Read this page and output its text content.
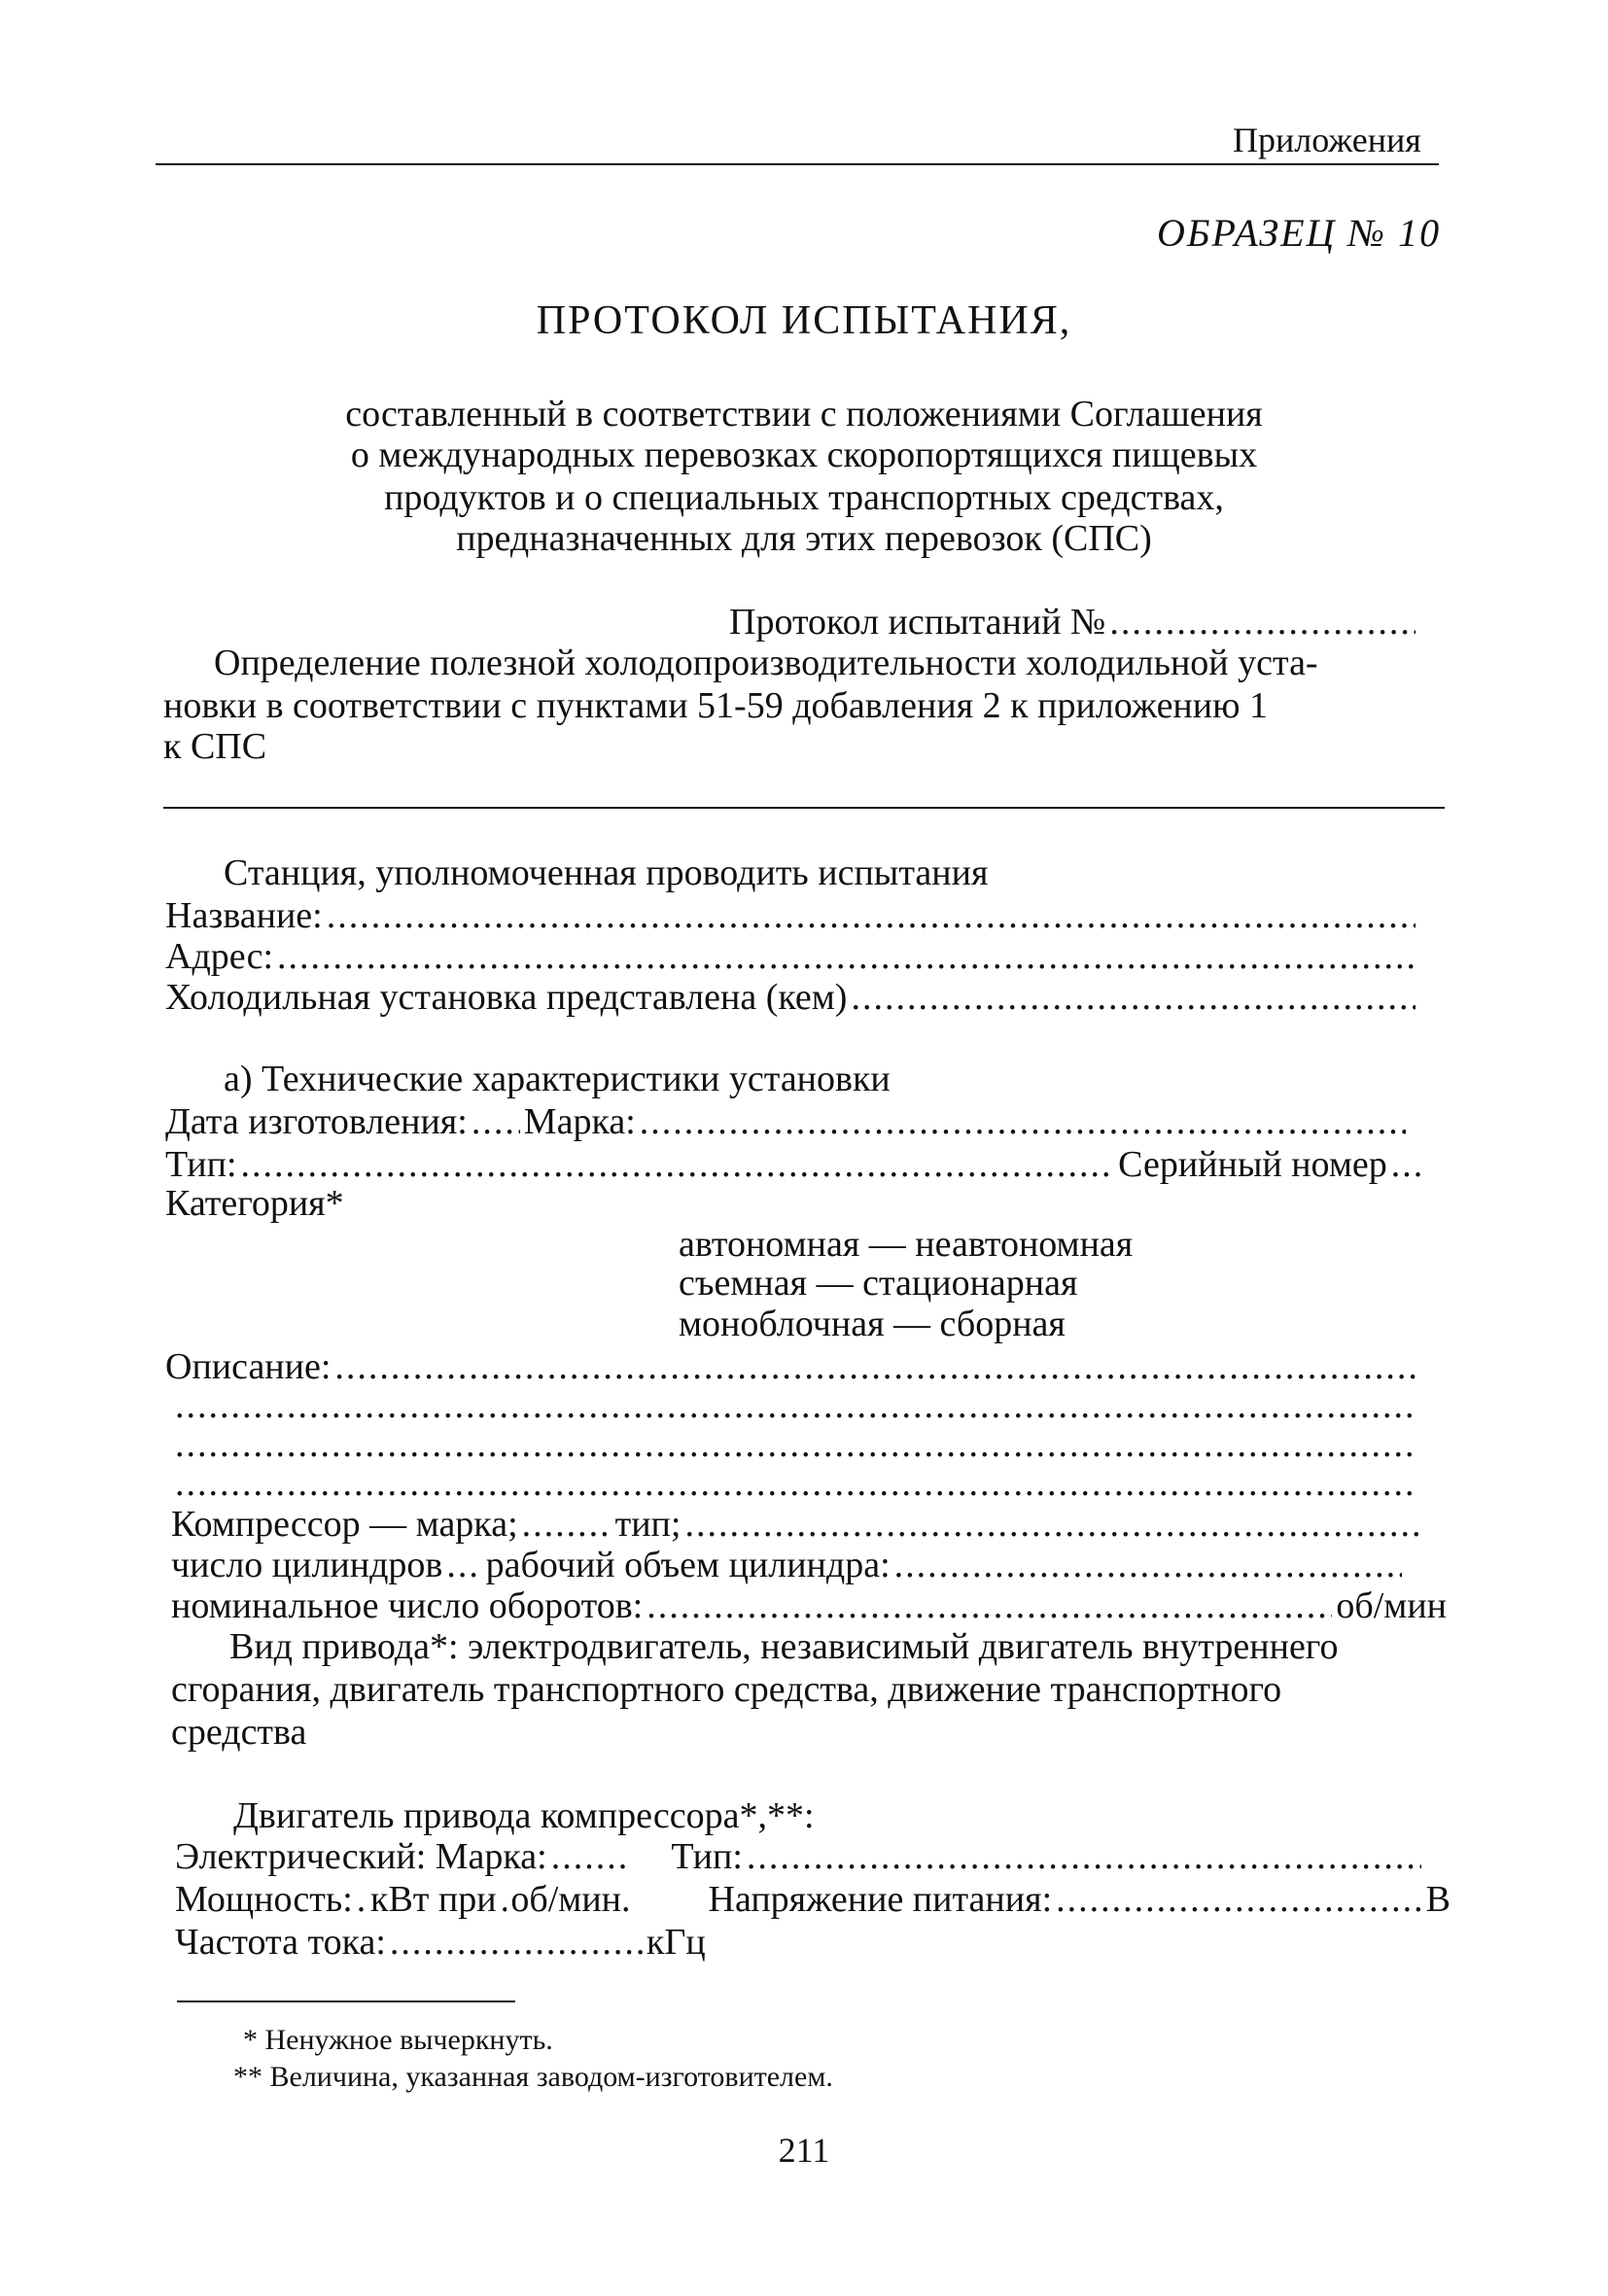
Приложения
ОБРАЗЕЦ № 10
ПРОТОКОЛ ИСПЫТАНИЯ,
составленный в соответствии с положениями Соглашения
о международных перевозках скоропортящихся пищевых
продуктов и о специальных транспортных средствах,
предназначенных для этих перевозок (СПС)
Протокол испытаний №
.....
Определение полезной холодопроизводительности холодильной уста-
новки в соответствии с пунктами 51-59 добавления 2 к приложению 1
к СПС
Станция, уполномоченная проводить испытания
Название:
.....
Адрес:
.....
Холодильная установка представлена (кем)
.....
а) Технические характеристики установки
Дата изготовления: ..... Марка:
.....
Тип: .....	Серийный номер
.....
Категория*
автономная — неавтономная
съемная — стационарная
моноблочная — сборная
Описание:
.....
.....
.....
.....
Компрессор — марка; .....	тип;
.....
число цилиндров ..... рабочий объем цилиндра:
.....
номинальное число оборотов: .....	об/мин
Вид привода*: электродвигатель, независимый двигатель внутреннего
сгорания, двигатель транспортного средства, движение транспортного
средства
Двигатель привода компрессора*,**:
Электрический: Марка: .....	Тип:
.....
Мощность: ..... кВт при ..... об/мин. Напряжение питания: .....	В
Частота тока: .....	кГц
* Ненужное вычеркнуть.
** Величина, указанная заводом-изготовителем.
211
